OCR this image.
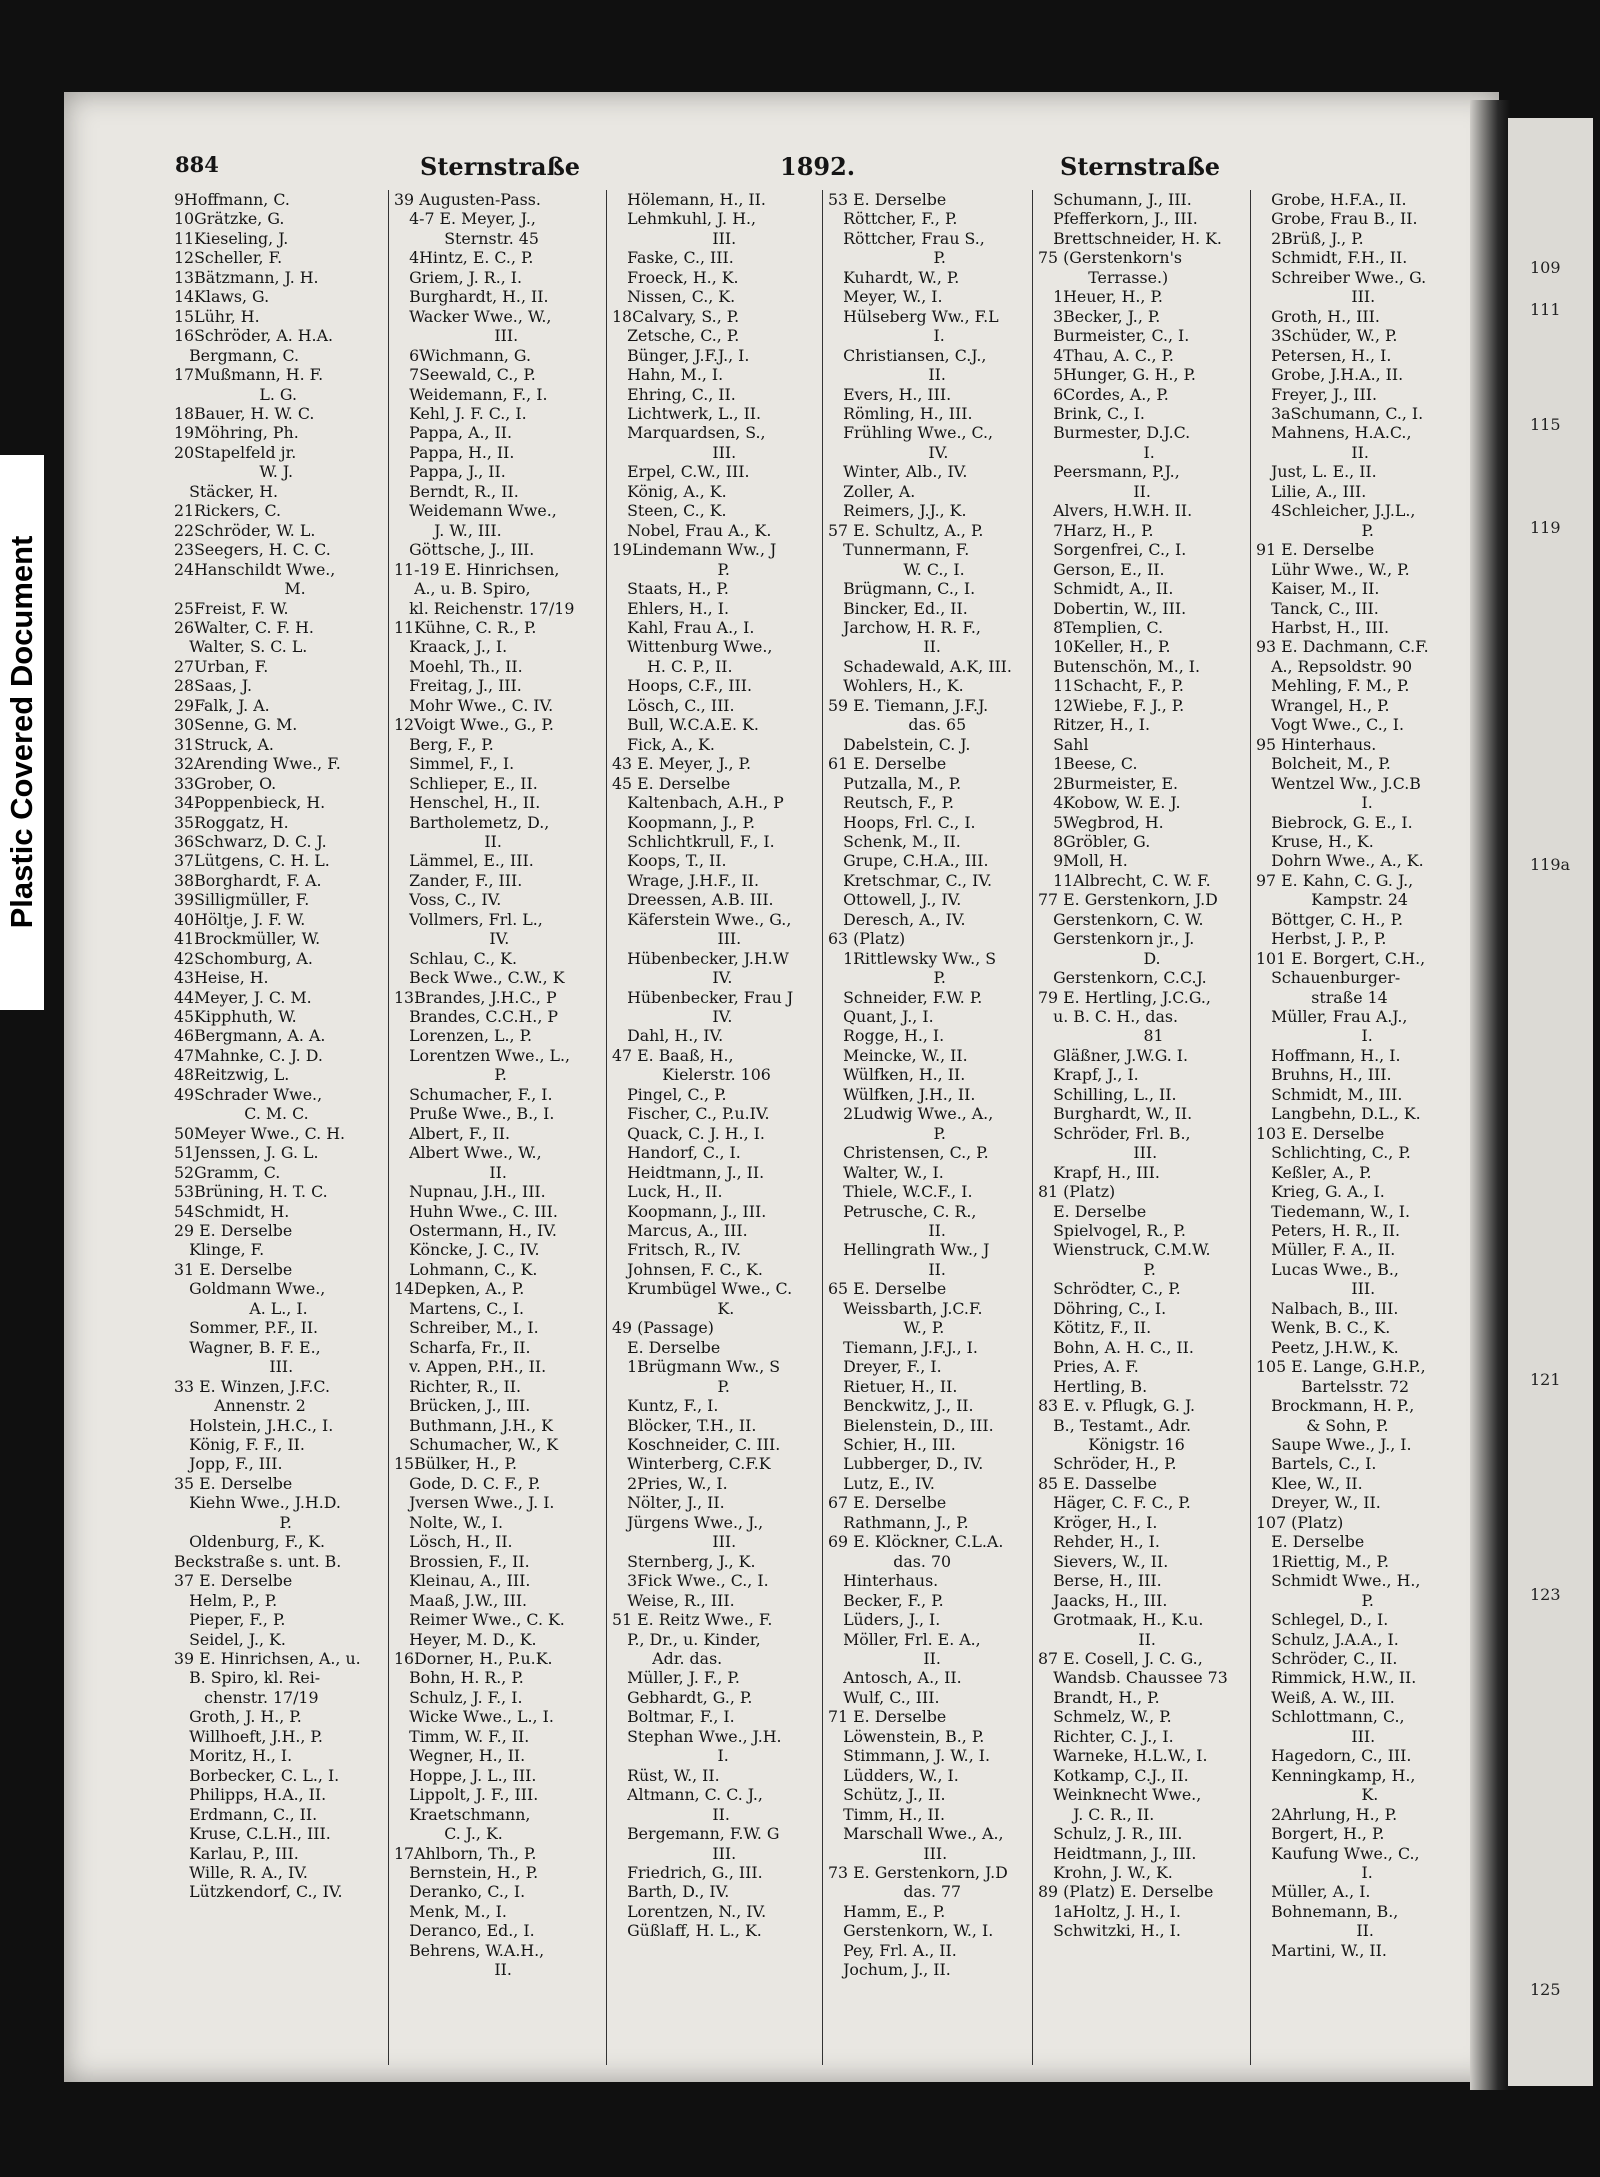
Plastic Covered Document
884	Sternstraße	1892.	Sternstraße
9Hoffmann, C.
10Grätzke, G.
11Kieseling, J.
12Scheller, F.
13Bätzmann, J. H.
14Klaws, G.
15Lühr, H.
16Schröder, A. H.A.
Bergmann, C.
17Mußmann, H. F.
L. G.
18Bauer, H. W. C.
19Möhring, Ph.
20Stapelfeld jr.
W. J.
Stäcker, H.
21Rickers, C.
22Schröder, W. L.
23Seegers, H. C. C.
24Hanschildt Wwe.,
M.
25Freist, F. W.
26Walter, C. F. H.
Walter, S. C. L.
27Urban, F.
28Saas, J.
29Falk, J. A.
30Senne, G. M.
31Struck, A.
32Arending Wwe., F.
33Grober, O.
34Poppenbieck, H.
35Roggatz, H.
36Schwarz, D. C. J.
37Lütgens, C. H. L.
38Borghardt, F. A.
39Silligmüller, F.
40Höltje, J. F. W.
41Brockmüller, W.
42Schomburg, A.
43Heise, H.
44Meyer, J. C. M.
45Kipphuth, W.
46Bergmann, A. A.
47Mahnke, C. J. D.
48Reitzwig, L.
49Schrader Wwe.,
C. M. C.
50Meyer Wwe., C. H.
51Jenssen, J. G. L.
52Gramm, C.
53Brüning, H. T. C.
54Schmidt, H.
29 E. Derselbe
Klinge, F.
31 E. Derselbe
Goldmann Wwe.,
A. L., I.
Sommer, P.F., II.
Wagner, B. F. E.,
III.
33 E. Winzen, J.F.C.
Annenstr. 2
Holstein, J.H.C., I.
König, F. F., II.
Jopp, F., III.
35 E. Derselbe
Kiehn Wwe., J.H.D.
P.
Oldenburg, F., K.
Beckstraße s. unt. B.
37 E. Derselbe
Helm, P., P.
Pieper, F., P.
Seidel, J., K.
39 E. Hinrichsen, A., u.
B. Spiro, kl. Rei-
chenstr. 17/19
Groth, J. H., P.
Willhoeft, J.H., P.
Moritz, H., I.
Borbecker, C. L., I.
Philipps, H.A., II.
Erdmann, C., II.
Kruse, C.L.H., III.
Karlau, P., III.
Wille, R. A., IV.
Lützkendorf, C., IV.
39 Augusten-Pass.
4-7 E. Meyer, J.,
Sternstr. 45
4Hintz, E. C., P.
Griem, J. R., I.
Burghardt, H., II.
Wacker Wwe., W.,
III.
6Wichmann, G.
7Seewald, C., P.
Weidemann, F., I.
Kehl, J. F. C., I.
Pappa, A., II.
Pappa, H., II.
Pappa, J., II.
Berndt, R., II.
Weidemann Wwe.,
J. W., III.
Göttsche, J., III.
11-19 E. Hinrichsen,
A., u. B. Spiro,
kl. Reichenstr. 17/19
11Kühne, C. R., P.
Kraack, J., I.
Moehl, Th., II.
Freitag, J., III.
Mohr Wwe., C. IV.
12Voigt Wwe., G., P.
Berg, F., P.
Simmel, F., I.
Schlieper, E., II.
Henschel, H., II.
Bartholemetz, D.,
II.
Lämmel, E., III.
Zander, F., III.
Voss, C., IV.
Vollmers, Frl. L.,
IV.
Schlau, C., K.
Beck Wwe., C.W., K
13Brandes, J.H.C., P
Brandes, C.C.H., P
Lorenzen, L., P.
Lorentzen Wwe., L.,
P.
Schumacher, F., I.
Pruße Wwe., B., I.
Albert, F., II.
Albert Wwe., W.,
II.
Nupnau, J.H., III.
Huhn Wwe., C. III.
Ostermann, H., IV.
Köncke, J. C., IV.
Lohmann, C., K.
14Depken, A., P.
Martens, C., I.
Schreiber, M., I.
Scharfa, Fr., II.
v. Appen, P.H., II.
Richter, R., II.
Brücken, J., III.
Buthmann, J.H., K
Schumacher, W., K
15Bülker, H., P.
Gode, D. C. F., P.
Jversen Wwe., J. I.
Nolte, W., I.
Lösch, H., II.
Brossien, F., II.
Kleinau, A., III.
Maaß, J.W., III.
Reimer Wwe., C. K.
Heyer, M. D., K.
16Dorner, H., P.u.K.
Bohn, H. R., P.
Schulz, J. F., I.
Wicke Wwe., L., I.
Timm, W. F., II.
Wegner, H., II.
Hoppe, J. L., III.
Lippolt, J. F., III.
Kraetschmann,
C. J., K.
17Ahlborn, Th., P.
Bernstein, H., P.
Deranko, C., I.
Menk, M., I.
Deranco, Ed., I.
Behrens, W.A.H.,
II.
Hölemann, H., II.
Lehmkuhl, J. H.,
III.
Faske, C., III.
Froeck, H., K.
Nissen, C., K.
18Calvary, S., P.
Zetsche, C., P.
Bünger, J.F.J., I.
Hahn, M., I.
Ehring, C., II.
Lichtwerk, L., II.
Marquardsen, S.,
III.
Erpel, C.W., III.
König, A., K.
Steen, C., K.
Nobel, Frau A., K.
19Lindemann Ww., J
P.
Staats, H., P.
Ehlers, H., I.
Kahl, Frau A., I.
Wittenburg Wwe.,
H. C. P., II.
Hoops, C.F., III.
Lösch, C., III.
Bull, W.C.A.E. K.
Fick, A., K.
43 E. Meyer, J., P.
45 E. Derselbe
Kaltenbach, A.H., P
Koopmann, J., P.
Schlichtkrull, F., I.
Koops, T., II.
Wrage, J.H.F., II.
Dreessen, A.B. III.
Käferstein Wwe., G.,
III.
Hübenbecker, J.H.W
IV.
Hübenbecker, Frau J
IV.
Dahl, H., IV.
47 E. Baaß, H.,
Kielerstr. 106
Pingel, C., P.
Fischer, C., P.u.IV.
Quack, C. J. H., I.
Handorf, C., I.
Heidtmann, J., II.
Luck, H., II.
Koopmann, J., III.
Marcus, A., III.
Fritsch, R., IV.
Johnsen, F. C., K.
Krumbügel Wwe., C.
K.
49 (Passage)
E. Derselbe
1Brügmann Ww., S
P.
Kuntz, F., I.
Blöcker, T.H., II.
Koschneider, C. III.
Winterberg, C.F.K
2Pries, W., I.
Nölter, J., II.
Jürgens Wwe., J.,
III.
Sternberg, J., K.
3Fick Wwe., C., I.
Weise, R., III.
51 E. Reitz Wwe., F.
P., Dr., u. Kinder,
Adr. das.
Müller, J. F., P.
Gebhardt, G., P.
Boltmar, F., I.
Stephan Wwe., J.H.
I.
Rüst, W., II.
Altmann, C. C. J.,
II.
Bergemann, F.W. G
III.
Friedrich, G., III.
Barth, D., IV.
Lorentzen, N., IV.
Güßlaff, H. L., K.
53 E. Derselbe
Röttcher, F., P.
Röttcher, Frau S.,
P.
Kuhardt, W., P.
Meyer, W., I.
Hülseberg Ww., F.L
I.
Christiansen, C.J.,
II.
Evers, H., III.
Römling, H., III.
Frühling Wwe., C.,
IV.
Winter, Alb., IV.
Zoller, A.
Reimers, J.J., K.
57 E. Schultz, A., P.
Tunnermann, F.
W. C., I.
Brügmann, C., I.
Bincker, Ed., II.
Jarchow, H. R. F.,
II.
Schadewald, A.K, III.
Wohlers, H., K.
59 E. Tiemann, J.F.J.
das. 65
Dabelstein, C. J.
61 E. Derselbe
Putzalla, M., P.
Reutsch, F., P.
Hoops, Frl. C., I.
Schenk, M., II.
Grupe, C.H.A., III.
Kretschmar, C., IV.
Ottowell, J., IV.
Deresch, A., IV.
63 (Platz)
1Rittlewsky Ww., S
P.
Schneider, F.W. P.
Quant, J., I.
Rogge, H., I.
Meincke, W., II.
Wülfken, H., II.
Wülfken, J.H., II.
2Ludwig Wwe., A.,
P.
Christensen, C., P.
Walter, W., I.
Thiele, W.C.F., I.
Petrusche, C. R.,
II.
Hellingrath Ww., J
II.
65 E. Derselbe
Weissbarth, J.C.F.
W., P.
Tiemann, J.F.J., I.
Dreyer, F., I.
Rietuer, H., II.
Benckwitz, J., II.
Bielenstein, D., III.
Schier, H., III.
Lubberger, D., IV.
Lutz, E., IV.
67 E. Derselbe
Rathmann, J., P.
69 E. Klöckner, C.L.A.
das. 70
Hinterhaus.
Becker, F., P.
Lüders, J., I.
Möller, Frl. E. A.,
II.
Antosch, A., II.
Wulf, C., III.
71 E. Derselbe
Löwenstein, B., P.
Stimmann, J. W., I.
Lüdders, W., I.
Schütz, J., II.
Timm, H., II.
Marschall Wwe., A.,
III.
73 E. Gerstenkorn, J.D
das. 77
Hamm, E., P.
Gerstenkorn, W., I.
Pey, Frl. A., II.
Jochum, J., II.
Schumann, J., III.
Pfefferkorn, J., III.
Brettschneider, H. K.
75 (Gerstenkorn's
Terrasse.)
1Heuer, H., P.
3Becker, J., P.
Burmeister, C., I.
4Thau, A. C., P.
5Hunger, G. H., P.
6Cordes, A., P.
Brink, C., I.
Burmester, D.J.C.
I.
Peersmann, P.J.,
II.
Alvers, H.W.H. II.
7Harz, H., P.
Sorgenfrei, C., I.
Gerson, E., II.
Schmidt, A., II.
Dobertin, W., III.
8Templien, C.
10Keller, H., P.
Butenschön, M., I.
11Schacht, F., P.
12Wiebe, F. J., P.
Ritzer, H., I.
Sahl
1Beese, C.
2Burmeister, E.
4Kobow, W. E. J.
5Wegbrod, H.
8Gröbler, G.
9Moll, H.
11Albrecht, C. W. F.
77 E. Gerstenkorn, J.D
Gerstenkorn, C. W.
Gerstenkorn jr., J.
D.
Gerstenkorn, C.C.J.
79 E. Hertling, J.C.G.,
u. B. C. H., das.
81
Gläßner, J.W.G. I.
Krapf, J., I.
Schilling, L., II.
Burghardt, W., II.
Schröder, Frl. B.,
III.
Krapf, H., III.
81 (Platz)
E. Derselbe
Spielvogel, R., P.
Wienstruck, C.M.W.
P.
Schrödter, C., P.
Döhring, C., I.
Kötitz, F., II.
Bohn, A. H. C., II.
Pries, A. F.
Hertling, B.
83 E. v. Pflugk, G. J.
B., Testamt., Adr.
Königstr. 16
Schröder, H., P.
85 E. Dasselbe
Häger, C. F. C., P.
Kröger, H., I.
Rehder, H., I.
Sievers, W., II.
Berse, H., III.
Jaacks, H., III.
Grotmaak, H., K.u.
II.
87 E. Cosell, J. C. G.,
Wandsb. Chaussee 73
Brandt, H., P.
Schmelz, W., P.
Richter, C. J., I.
Warneke, H.L.W., I.
Kotkamp, C.J., II.
Weinknecht Wwe.,
J. C. R., II.
Schulz, J. R., III.
Heidtmann, J., III.
Krohn, J. W., K.
89 (Platz) E. Derselbe
1aHoltz, J. H., I.
Schwitzki, H., I.
Grobe, H.F.A., II.
Grobe, Frau B., II.
2Brüß, J., P.
Schmidt, F.H., II.
Schreiber Wwe., G.
III.
Groth, H., III.
3Schüder, W., P.
Petersen, H., I.
Grobe, J.H.A., II.
Freyer, J., III.
3aSchumann, C., I.
Mahnens, H.A.C.,
II.
Just, L. E., II.
Lilie, A., III.
4Schleicher, J.J.L.,
P.
91 E. Derselbe
Lühr Wwe., W., P.
Kaiser, M., II.
Tanck, C., III.
Harbst, H., III.
93 E. Dachmann, C.F.
A., Repsoldstr. 90
Mehling, F. M., P.
Wrangel, H., P.
Vogt Wwe., C., I.
95 Hinterhaus.
Bolcheit, M., P.
Wentzel Ww., J.C.B
I.
Biebrock, G. E., I.
Kruse, H., K.
Dohrn Wwe., A., K.
97 E. Kahn, C. G. J.,
Kampstr. 24
Böttger, C. H., P.
Herbst, J. P., P.
101 E. Borgert, C.H.,
Schauenburger-
straße 14
Müller, Frau A.J.,
I.
Hoffmann, H., I.
Bruhns, H., III.
Schmidt, M., III.
Langbehn, D.L., K.
103 E. Derselbe
Schlichting, C., P.
Keßler, A., P.
Krieg, G. A., I.
Tiedemann, W., I.
Peters, H. R., II.
Müller, F. A., II.
Lucas Wwe., B.,
III.
Nalbach, B., III.
Wenk, B. C., K.
Peetz, J.H.W., K.
105 E. Lange, G.H.P.,
Bartelsstr. 72
Brockmann, H. P.,
& Sohn, P.
Saupe Wwe., J., I.
Bartels, C., I.
Klee, W., II.
Dreyer, W., II.
107 (Platz)
E. Derselbe
1Riettig, M., P.
Schmidt Wwe., H.,
P.
Schlegel, D., I.
Schulz, J.A.A., I.
Schröder, C., II.
Rimmick, H.W., II.
Weiß, A. W., III.
Schlottmann, C.,
III.
Hagedorn, C., III.
Kenningkamp, H.,
K.
2Ahrlung, H., P.
Borgert, H., P.
Kaufung Wwe., C.,
I.
Müller, A., I.
Bohnemann, B.,
II.
Martini, W., II.
109
111
115
119
119a
121
123
125
